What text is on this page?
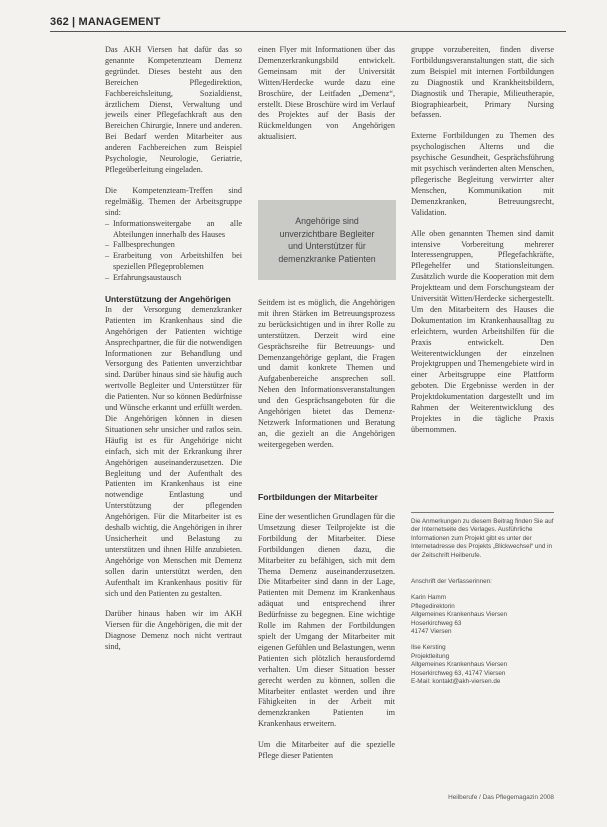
362 | MANAGEMENT

Das AKH Viersen hat dafür das so genannte Kompetenzteam Demenz gegründet. Dieses besteht aus den Bereichen Pflegedirektion, Fachbereichsleitung, Sozialdienst, ärztlichem Dienst, Verwaltung und jeweils einer Pflegefachkraft aus den Bereichen Chirurgie, Innere und anderen. Bei Bedarf werden Mitarbeiter aus anderen Fachbereichen zum Beispiel Psychologie, Neurologie, Geriatrie, Pflegeüberleitung eingeladen.

Die Kompetenzteam-Treffen sind regelmäßig. Themen der Arbeitsgruppe sind:

– Informationsweitergabe an alle Abteilungen innerhalb des Hauses
– Fallbesprechungen
– Erarbeitung von Arbeitshilfen bei speziellen Pflegeproblemen
– Erfahrungsaustausch
Unterstützung der Angehörigen

In der Versorgung demenzkranker Patienten im Krankenhaus sind die Angehörigen der Patienten wichtige Ansprechpartner, die für die notwendigen Informationen zur Behandlung und Versorgung des Patienten unverzichtbar sind. Darüber hinaus sind sie häufig auch wertvolle Begleiter und Unterstützer für die Patienten. Nur so können Bedürfnisse und Wünsche erkannt und erfüllt werden. Die Angehörigen können in diesen Situationen sehr unsicher und ratlos sein. Häufig ist es für Angehörige nicht einfach, sich mit der Erkrankung ihrer Angehörigen auseinanderzusetzen. Die Begleitung und der Aufenthalt des Patienten im Krankenhaus ist eine notwendige Entlastung und Unterstützung der pflegenden Angehörigen. Für die Mitarbeiter ist es deshalb wichtig, die Angehörigen in ihrer Unsicherheit und Belastung zu unterstützen und ihnen Hilfe anzubieten. Angehörige von Menschen mit Demenz sollen darin unterstützt werden, den Aufenthalt im Krankenhaus positiv für sich und den Patienten zu gestalten.

Darüber hinaus haben wir im AKH Viersen für die Angehörigen, die mit der Diagnose Demenz noch nicht vertraut sind,

einen Flyer mit Informationen über das Demenzerkrankungsbild entwickelt. Gemeinsam mit der Universität Witten/Herdecke wurde dazu eine Broschüre, der Leitfaden „Demenz“, erstellt. Diese Broschüre wird im Verlauf des Projektes auf der Basis der Rückmeldungen von Angehörigen aktualisiert.

Angehörige sind
unverzichtbare Begleiter
und Unterstützer für
demenzkranke Patienten

Seitdem ist es möglich, die Angehörigen mit ihren Stärken im Betreuungsprozess zu berücksichtigen und in ihrer Rolle zu unterstützen. Derzeit wird eine Gesprächsreihe für Betreuungs- und Demenzangehörige geplant, die Fragen und damit konkrete Themen und Aufgabenbereiche ansprechen soll. Neben den Informationsveranstaltungen und den Gesprächsangeboten für die Angehörigen bietet das Demenz-Netzwerk Informationen und Beratung an, die gezielt an die Angehörigen weitergegeben werden.

Fortbildungen der Mitarbeiter

Eine der wesentlichen Grundlagen für die Umsetzung dieser Teilprojekte ist die Fortbildung der Mitarbeiter. Diese Fortbildungen dienen dazu, die Mitarbeiter zu befähigen, sich mit dem Thema Demenz auseinanderzusetzen. Die Mitarbeiter sind dann in der Lage, Patienten mit Demenz im Krankenhaus adäquat und entsprechend ihrer Bedürfnisse zu begegnen. Eine wichtige Rolle im Rahmen der Fortbildungen spielt der Umgang der Mitarbeiter mit eigenen Gefühlen und Belastungen, wenn Patienten sich plötzlich herausfordernd verhalten. Um dieser Situation besser gerecht werden zu können, sollen die Mitarbeiter entlastet werden und ihre Fähigkeiten in der Arbeit mit demenzkranken Patienten im Krankenhaus erweitern.

Um die Mitarbeiter auf die spezielle Pflege dieser Patienten

gruppe vorzubereiten, finden diverse Fortbildungsveranstaltungen statt, die sich zum Beispiel mit internen Fortbildungen zu Diagnostik und Krankheitsbildern, Diagnostik und Therapie, Milieutherapie, Biographiearbeit, Primary Nursing befassen.

Externe Fortbildungen zu Themen des psychologischen Alterns und die psychische Gesundheit, Gesprächsführung mit psychisch veränderten alten Menschen, pflegerische Begleitung verwirrter alter Menschen, Kommunikation mit Demenzkranken, Betreuungsrecht, Validation.

Alle oben genannten Themen sind damit intensive Vorbereitung mehrerer Interessengruppen, Pflegefachkräfte, Pflegehelfer und Stationsleitungen. Zusätzlich wurde die Kooperation mit dem Projektteam und dem Forschungsteam der Universität Witten/Herdecke sichergestellt. Um den Mitarbeitern des Hauses die Dokumentation im Krankenhausalltag zu erleichtern, wurden Arbeitshilfen für die Praxis entwickelt. Den Weiterentwicklungen der einzelnen Projektgruppen und Themengebiete wird in einer Arbeitsgruppe eine Plattform geboten. Die Ergebnisse werden in der Projektdokumentation dargestellt und im Rahmen der Weiterentwicklung des Projektes in die tägliche Praxis übernommen.

Die Anmerkungen zu diesem Beitrag finden Sie auf der Internetseite des Verlages. Ausführliche Informationen zum Projekt gibt es unter der Internetadresse des Projekts „Blickwechsel“ und in der Zeitschrift Heilberufe.
Anschrift der Verfasserinnen:
Karin Hamm
Pflegedirektorin
Allgemeines Krankenhaus Viersen
Hoserkirchweg 63
41747 Viersen
Ilse Kersting
Projektleitung
Allgemeines Krankenhaus Viersen
Hoserkirchweg 63, 41747 Viersen
E-Mail: kontakt@akh-viersen.de
Heilberufe / Das Pflegemagazin 2008
